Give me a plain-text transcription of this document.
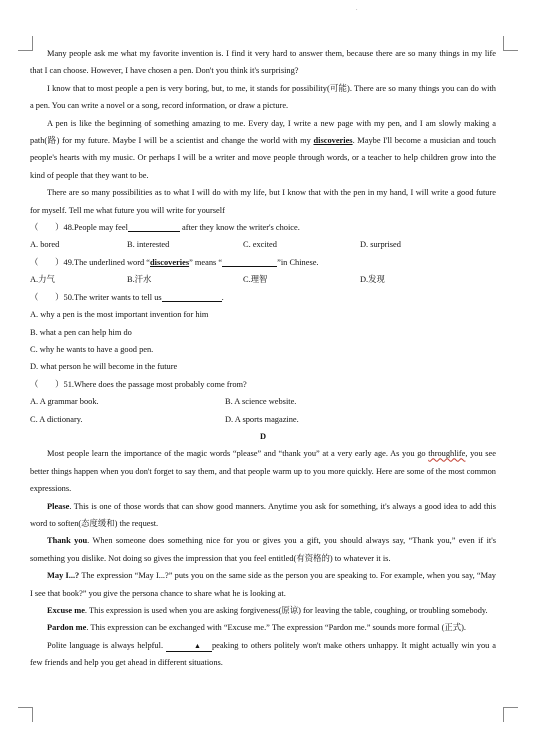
.

Many people ask me what my favorite invention is. I find it very hard to answer them, because there are so many things in my life that I can choose. However, I have chosen a pen. Don't you think it's surprising?

I know that to most people a pen is very boring, but, to me, it stands for possibility(可能). There are so many things you can do with a pen. You can write a novel or a song, record information, or draw a picture.

A pen is like the beginning of something amazing to me. Every day, I write a new page with my pen, and I am slowly making a path(路) for my future. Maybe I will be a scientist and change the world with my discoveries. Maybe I'll become a musician and touch people's hearts with my music. Or perhaps I will be a writer and move people through words, or a teacher to help children grow into the kind of people that they want to be.

There are so many possibilities as to what I will do with my life, but I know that with the pen in my hand, I will write a good future for myself. Tell me what future you will write for yourself

（　　）48.People may feel	after they know the writer's choice.
A. bored	B. interested	C. excited	D. surprised
（　　）49.The underlined word “discoveries” means “	”in Chinese.
A.力气	B.汗水	C.理智	D.发现
（　　）50.The writer wants to tell us	.
A. why a pen is the most important invention for him
B. what a pen can help him do
C. why he wants to have a good pen.
D. what person he will become in the future
（　　）51.Where does the passage most probably come from?
A. A grammar book.	B. A science website.
C. A dictionary.	D. A sports magazine.
D

Most people learn the importance of the magic words “please” and “thank you” at a very early age. As you go throughlife, you see better things happen when you don't forget to say them, and that people warm up to you more quickly. Here are some of the most common expressions.

Please. This is one of those words that can show good manners. Anytime you ask for something, it's always a good idea to add this word to soften(态度缓和) the request.

Thank you. When someone does something nice for you or gives you a gift, you should always say, “Thank you,” even if it's something you dislike. Not doing so gives the impression that you feel entitled(有资格的) to whatever it is.

May I...? The expression “May I...?” puts you on the same side as the person you are speaking to. For example, when you say, “May I see that book?” you give the persona chance to share what he is looking at.

Excuse me. This expression is used when you are asking forgiveness(原谅) for leaving the table, coughing, or troubling somebody.

Pardon me. This expression can be exchanged with “Excuse me.” The expression “Pardon me.” sounds more formal (正式).

Polite language is always helpful.	▲ peaking to others politely won't make others unhappy. It might actually win you a few friends and help you get ahead in different situations.
